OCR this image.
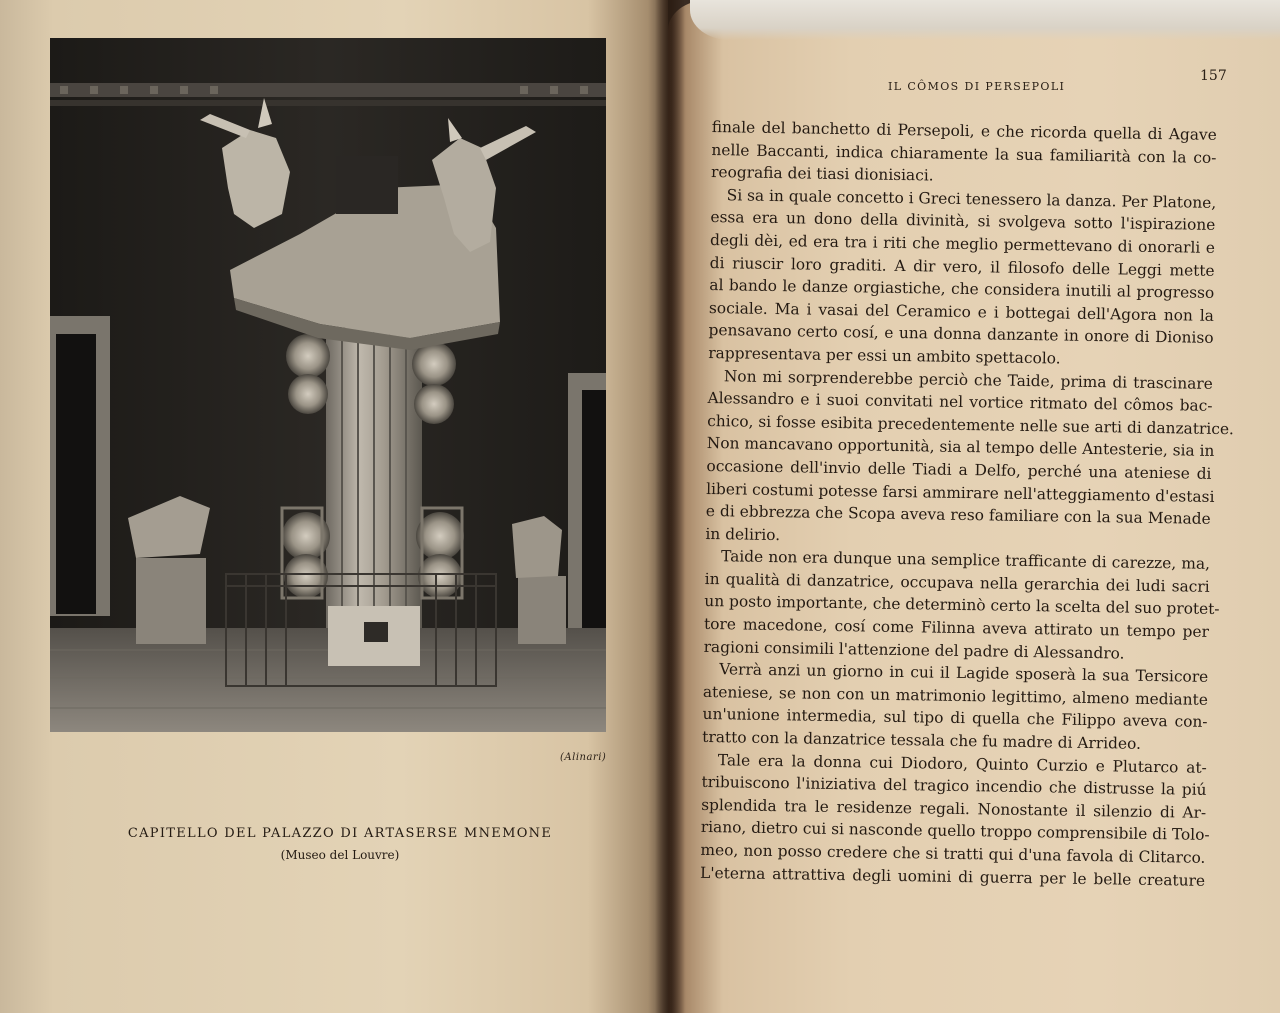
(Alinari)
CAPITELLO DEL PALAZZO DI ARTASERSE MNEMONE
(Museo del Louvre)
IL CÔMOS DI PERSEPOLI
157
finale del banchetto di Persepoli, e che ricorda quella di Agave
nelle Baccanti, indica chiaramente la sua familiarità con la co-
reografia dei tiasi dionisiaci.
Si sa in quale concetto i Greci tenessero la danza. Per Platone,
essa era un dono della divinità, si svolgeva sotto l'ispirazione
degli dèi, ed era tra i riti che meglio permettevano di onorarli e
di riuscir loro graditi. A dir vero, il filosofo delle Leggi mette
al bando le danze orgiastiche, che considera inutili al progresso
sociale. Ma i vasai del Ceramico e i bottegai dell'Agora non la
pensavano certo cosí, e una donna danzante in onore di Dioniso
rappresentava per essi un ambito spettacolo.
Non mi sorprenderebbe perciò che Taide, prima di trascinare
Alessandro e i suoi convitati nel vortice ritmato del cômos bac-
chico, si fosse esibita precedentemente nelle sue arti di danzatrice.
Non mancavano opportunità, sia al tempo delle Antesterie, sia in
occasione dell'invio delle Tiadi a Delfo, perché una ateniese di
liberi costumi potesse farsi ammirare nell'atteggiamento d'estasi
e di ebbrezza che Scopa aveva reso familiare con la sua Menade
in delirio.
Taide non era dunque una semplice trafficante di carezze, ma,
in qualità di danzatrice, occupava nella gerarchia dei ludi sacri
un posto importante, che determinò certo la scelta del suo protet-
tore macedone, cosí come Filinna aveva attirato un tempo per
ragioni consimili l'attenzione del padre di Alessandro.
Verrà anzi un giorno in cui il Lagide sposerà la sua Tersicore
ateniese, se non con un matrimonio legittimo, almeno mediante
un'unione intermedia, sul tipo di quella che Filippo aveva con-
tratto con la danzatrice tessala che fu madre di Arrideo.
Tale era la donna cui Diodoro, Quinto Curzio e Plutarco at-
tribuiscono l'iniziativa del tragico incendio che distrusse la piú
splendida tra le residenze regali. Nonostante il silenzio di Ar-
riano, dietro cui si nasconde quello troppo comprensibile di Tolo-
meo, non posso credere che si tratti qui d'una favola di Clitarco.
L'eterna attrattiva degli uomini di guerra per le belle creature
